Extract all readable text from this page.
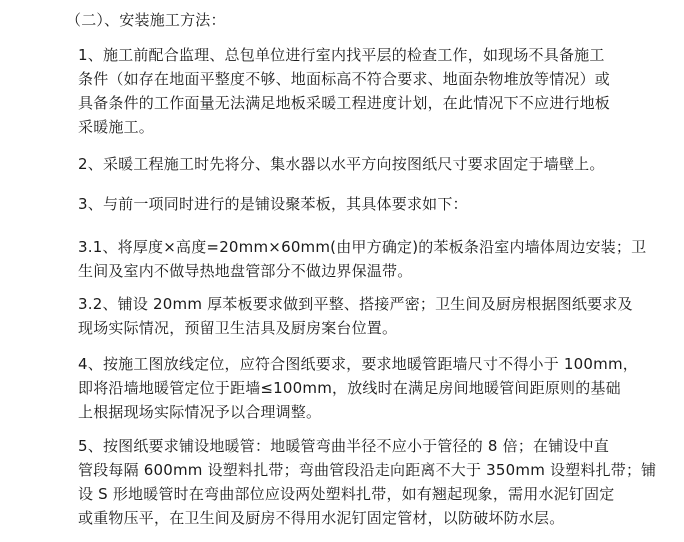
（二）、安装施工方法：

1、施工前配合监理、总包单位进行室内找平层的检查工作，如现场不具备施工
条件（如存在地面平整度不够、地面标高不符合要求、地面杂物堆放等情况）或
具备条件的工作面量无法满足地板采暖工程进度计划，在此情况下不应进行地板
采暖施工。

2、采暖工程施工时先将分、集水器以水平方向按图纸尺寸要求固定于墙壁上。

3、与前一项同时进行的是铺设聚苯板，其具体要求如下：

3.1、将厚度×高度=20mm×60mm(由甲方确定)的苯板条沿室内墙体周边安装；卫
生间及室内不做导热地盘管部分不做边界保温带。

3.2、铺设 20mm 厚苯板要求做到平整、搭接严密；卫生间及厨房根据图纸要求及
现场实际情况，预留卫生洁具及厨房案台位置。

4、按施工图放线定位，应符合图纸要求，要求地暖管距墙尺寸不得小于 100mm，
即将沿墙地暖管定位于距墙≤100mm，放线时在满足房间地暖管间距原则的基础
上根据现场实际情况予以合理调整。

5、按图纸要求铺设地暖管：地暖管弯曲半径不应小于管径的 8 倍；在铺设中直
管段每隔 600mm 设塑料扎带；弯曲管段沿走向距离不大于 350mm 设塑料扎带；铺
设 S 形地暖管时在弯曲部位应设两处塑料扎带，如有翘起现象，需用水泥钉固定
或重物压平，在卫生间及厨房不得用水泥钉固定管材，以防破坏防水层。
